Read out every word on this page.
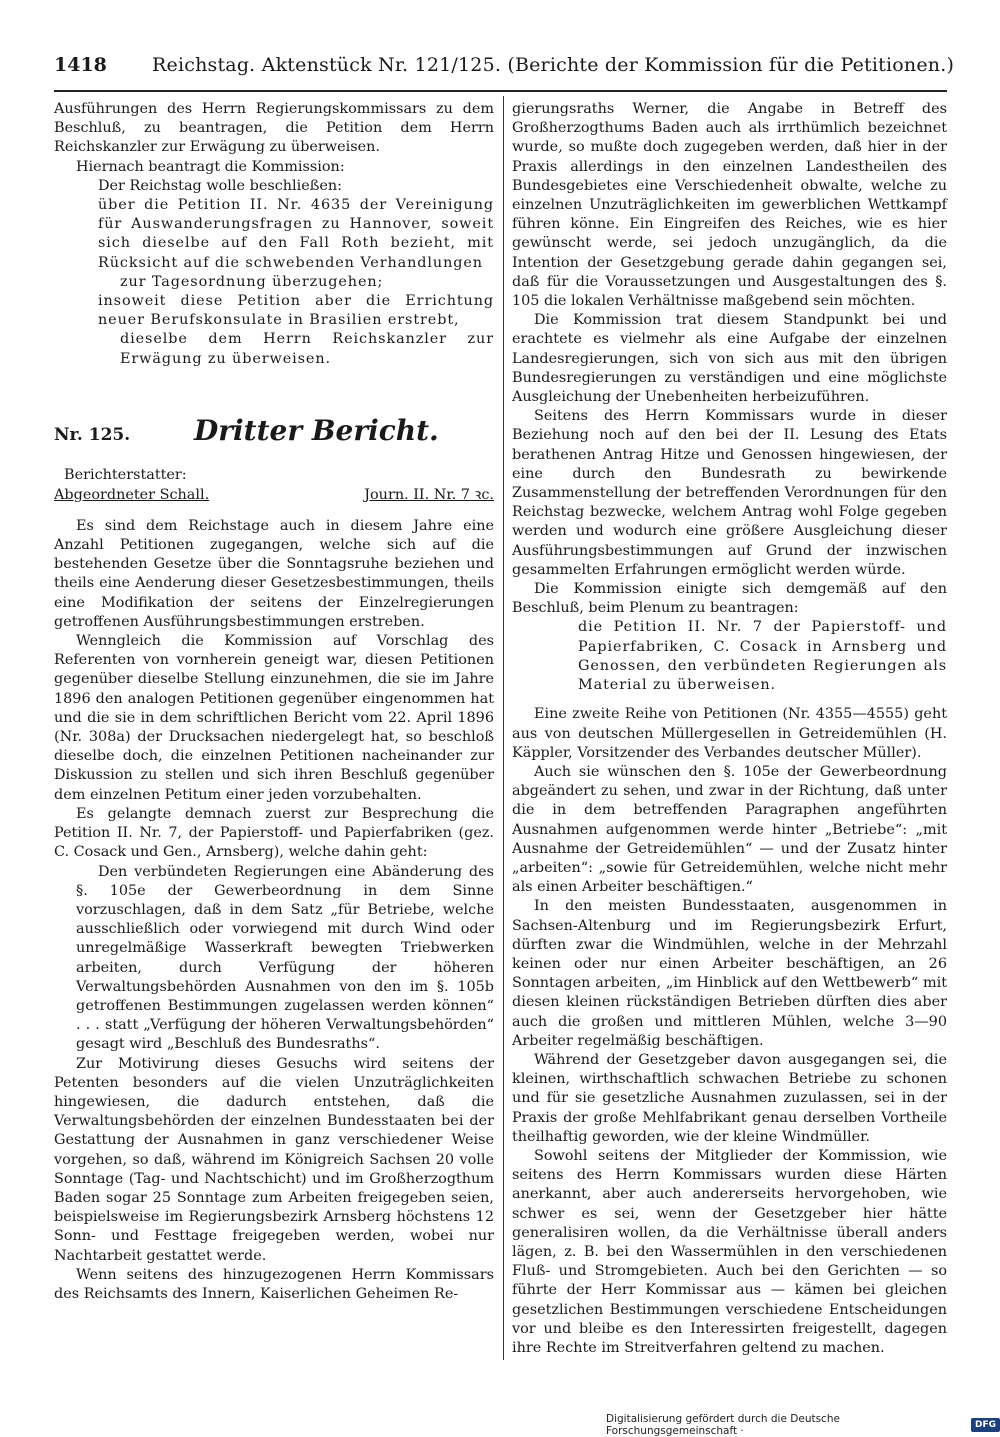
1418 Reichstag. Aktenstück Nr. 121/125. (Berichte der Kommission für die Petitionen.)

Ausführungen des Herrn Regierungskommissars zu dem Beschluß, zu beantragen, die Petition dem Herrn Reichskanzler zur Erwägung zu überweisen.

Hiernach beantragt die Kommission:

Der Reichstag wolle beschließen:

über die Petition II. Nr. 4635 der Vereinigung für Auswanderungsfragen zu Hannover, soweit sich dieselbe auf den Fall Roth bezieht, mit Rücksicht auf die schwebenden Verhandlungen

zur Tagesordnung überzugehen;

insoweit diese Petition aber die Errichtung neuer Berufskonsulate in Brasilien erstrebt,

dieselbe dem Herrn Reichskanzler zur Erwägung zu überweisen.

Nr. 125.	Dritter Bericht.
Berichterstatter:
Abgeordneter Schall.	Journ. II. Nr. 7 ꝛc.

Es sind dem Reichstage auch in diesem Jahre eine Anzahl Petitionen zugegangen, welche sich auf die bestehenden Gesetze über die Sonntagsruhe beziehen und theils eine Aenderung dieser Gesetzesbestimmungen, theils eine Modifikation der seitens der Einzelregierungen getroffenen Ausführungsbestimmungen erstreben.

Wenngleich die Kommission auf Vorschlag des Referenten von vornherein geneigt war, diesen Petitionen gegenüber dieselbe Stellung einzunehmen, die sie im Jahre 1896 den analogen Petitionen gegenüber eingenommen hat und die sie in dem schriftlichen Bericht vom 22. April 1896 (Nr. 308a) der Drucksachen niedergelegt hat, so beschloß dieselbe doch, die einzelnen Petitionen nacheinander zur Diskussion zu stellen und sich ihren Beschluß gegenüber dem einzelnen Petitum einer jeden vorzubehalten.

Es gelangte demnach zuerst zur Besprechung die Petition II. Nr. 7, der Papierstoff- und Papierfabriken (gez. C. Cosack und Gen., Arnsberg), welche dahin geht:

Den verbündeten Regierungen eine Abänderung des §. 105e der Gewerbeordnung in dem Sinne vorzuschlagen, daß in dem Satz „für Betriebe, welche ausschließlich oder vorwiegend mit durch Wind oder unregelmäßige Wasserkraft bewegten Triebwerken arbeiten, durch Verfügung der höheren Verwaltungsbehörden Ausnahmen von den im §. 105b getroffenen Bestimmungen zugelassen werden können“ . . . statt „Verfügung der höheren Verwaltungsbehörden“ gesagt wird „Beschluß des Bundesraths“.

Zur Motivirung dieses Gesuchs wird seitens der Petenten besonders auf die vielen Unzuträglichkeiten hingewiesen, die dadurch entstehen, daß die Verwaltungsbehörden der einzelnen Bundesstaaten bei der Gestattung der Ausnahmen in ganz verschiedener Weise vorgehen, so daß, während im Königreich Sachsen 20 volle Sonntage (Tag- und Nachtschicht) und im Großherzogthum Baden sogar 25 Sonntage zum Arbeiten freigegeben seien, beispielsweise im Regierungsbezirk Arnsberg höchstens 12 Sonn- und Festtage freigegeben werden, wobei nur Nachtarbeit gestattet werde.

Wenn seitens des hinzugezogenen Herrn Kommissars des Reichsamts des Innern, Kaiserlichen Geheimen Re-

gierungsraths Werner, die Angabe in Betreff des Großherzogthums Baden auch als irrthümlich bezeichnet wurde, so mußte doch zugegeben werden, daß hier in der Praxis allerdings in den einzelnen Landestheilen des Bundesgebietes eine Verschiedenheit obwalte, welche zu einzelnen Unzuträglichkeiten im gewerblichen Wettkampf führen könne. Ein Eingreifen des Reiches, wie es hier gewünscht werde, sei jedoch unzugänglich, da die Intention der Gesetzgebung gerade dahin gegangen sei, daß für die Voraussetzungen und Ausgestaltungen des §. 105 die lokalen Verhältnisse maßgebend sein möchten.

Die Kommission trat diesem Standpunkt bei und erachtete es vielmehr als eine Aufgabe der einzelnen Landesregierungen, sich von sich aus mit den übrigen Bundesregierungen zu verständigen und eine möglichste Ausgleichung der Unebenheiten herbeizuführen.

Seitens des Herrn Kommissars wurde in dieser Beziehung noch auf den bei der II. Lesung des Etats berathenen Antrag Hitze und Genossen hingewiesen, der eine durch den Bundesrath zu bewirkende Zusammenstellung der betreffenden Verordnungen für den Reichstag bezwecke, welchem Antrag wohl Folge gegeben werden und wodurch eine größere Ausgleichung dieser Ausführungsbestimmungen auf Grund der inzwischen gesammelten Erfahrungen ermöglicht werden würde.

Die Kommission einigte sich demgemäß auf den Beschluß, beim Plenum zu beantragen:

die Petition II. Nr. 7 der Papierstoff- und Papierfabriken, C. Cosack in Arnsberg und Genossen, den verbündeten Regierungen als Material zu überweisen.

Eine zweite Reihe von Petitionen (Nr. 4355—4555) geht aus von deutschen Müllergesellen in Getreidemühlen (H. Käppler, Vorsitzender des Verbandes deutscher Müller).

Auch sie wünschen den §. 105e der Gewerbeordnung abgeändert zu sehen, und zwar in der Richtung, daß unter die in dem betreffenden Paragraphen angeführten Ausnahmen aufgenommen werde hinter „Betriebe“: „mit Ausnahme der Getreidemühlen“ — und der Zusatz hinter „arbeiten“: „sowie für Getreidemühlen, welche nicht mehr als einen Arbeiter beschäftigen.“

In den meisten Bundesstaaten, ausgenommen in Sachsen-Altenburg und im Regierungsbezirk Erfurt, dürften zwar die Windmühlen, welche in der Mehrzahl keinen oder nur einen Arbeiter beschäftigen, an 26 Sonntagen arbeiten, „im Hinblick auf den Wettbewerb“ mit diesen kleinen rückständigen Betrieben dürften dies aber auch die großen und mittleren Mühlen, welche 3—90 Arbeiter regelmäßig beschäftigen.

Während der Gesetzgeber davon ausgegangen sei, die kleinen, wirthschaftlich schwachen Betriebe zu schonen und für sie gesetzliche Ausnahmen zuzulassen, sei in der Praxis der große Mehlfabrikant genau derselben Vortheile theilhaftig geworden, wie der kleine Windmüller.

Sowohl seitens der Mitglieder der Kommission, wie seitens des Herrn Kommissars wurden diese Härten anerkannt, aber auch andererseits hervorgehoben, wie schwer es sei, wenn der Gesetzgeber hier hätte generalisiren wollen, da die Verhältnisse überall anders lägen, z. B. bei den Wassermühlen in den verschiedenen Fluß- und Stromgebieten. Auch bei den Gerichten — so führte der Herr Kommissar aus — kämen bei gleichen gesetzlichen Bestimmungen verschiedene Entscheidungen vor und bleibe es den Interessirten freigestellt, dagegen ihre Rechte im Streitverfahren geltend zu machen.

Digitalisierung gefördert durch die Deutsche Forschungsgemeinschaft ·	DFG
